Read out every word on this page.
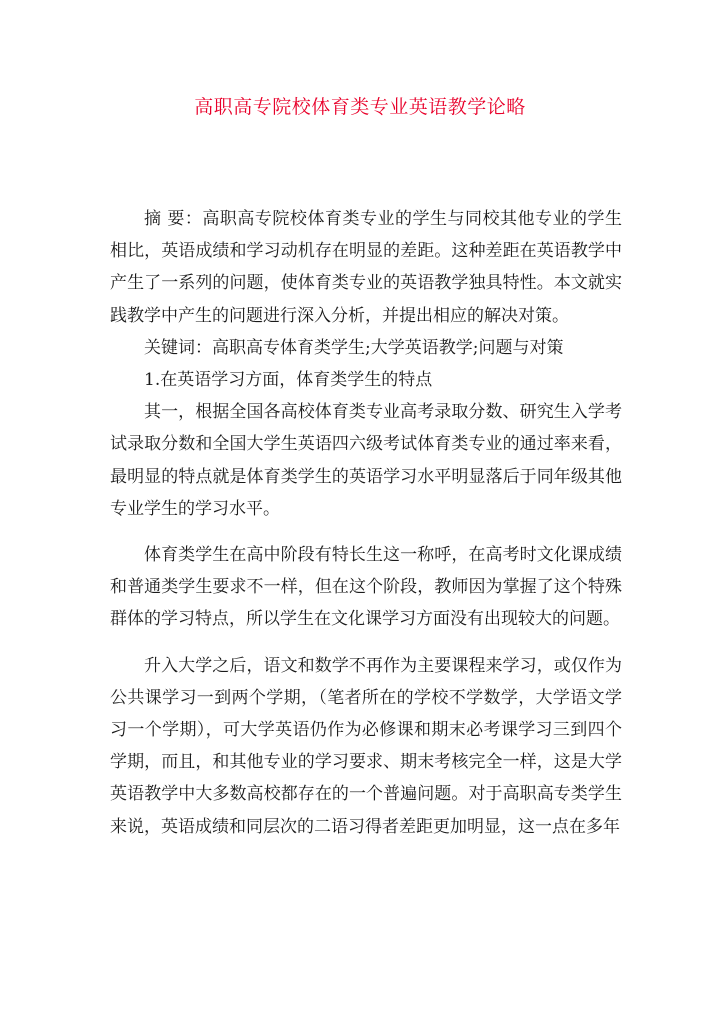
高职高专院校体育类专业英语教学论略

摘 要：高职高专院校体育类专业的学生与同校其他专业的学生相比，英语成绩和学习动机存在明显的差距。这种差距在英语教学中产生了一系列的问题，使体育类专业的英语教学独具特性。本文就实践教学中产生的问题进行深入分析，并提出相应的解决对策。

关键词：高职高专体育类学生;大学英语教学;问题与对策

1.在英语学习方面，体育类学生的特点

其一，根据全国各高校体育类专业高考录取分数、研究生入学考试录取分数和全国大学生英语四六级考试体育类专业的通过率来看，最明显的特点就是体育类学生的英语学习水平明显落后于同年级其他专业学生的学习水平。

体育类学生在高中阶段有特长生这一称呼，在高考时文化课成绩和普通类学生要求不一样，但在这个阶段，教师因为掌握了这个特殊群体的学习特点，所以学生在文化课学习方面没有出现较大的问题。

升入大学之后，语文和数学不再作为主要课程来学习，或仅作为公共课学习一到两个学期，（笔者所在的学校不学数学，大学语文学习一个学期），可大学英语仍作为必修课和期末必考课学习三到四个学期，而且，和其他专业的学习要求、期末考核完全一样，这是大学英语教学中大多数高校都存在的一个普遍问题。对于高职高专类学生来说，英语成绩和同层次的二语习得者差距更加明显，这一点在多年
